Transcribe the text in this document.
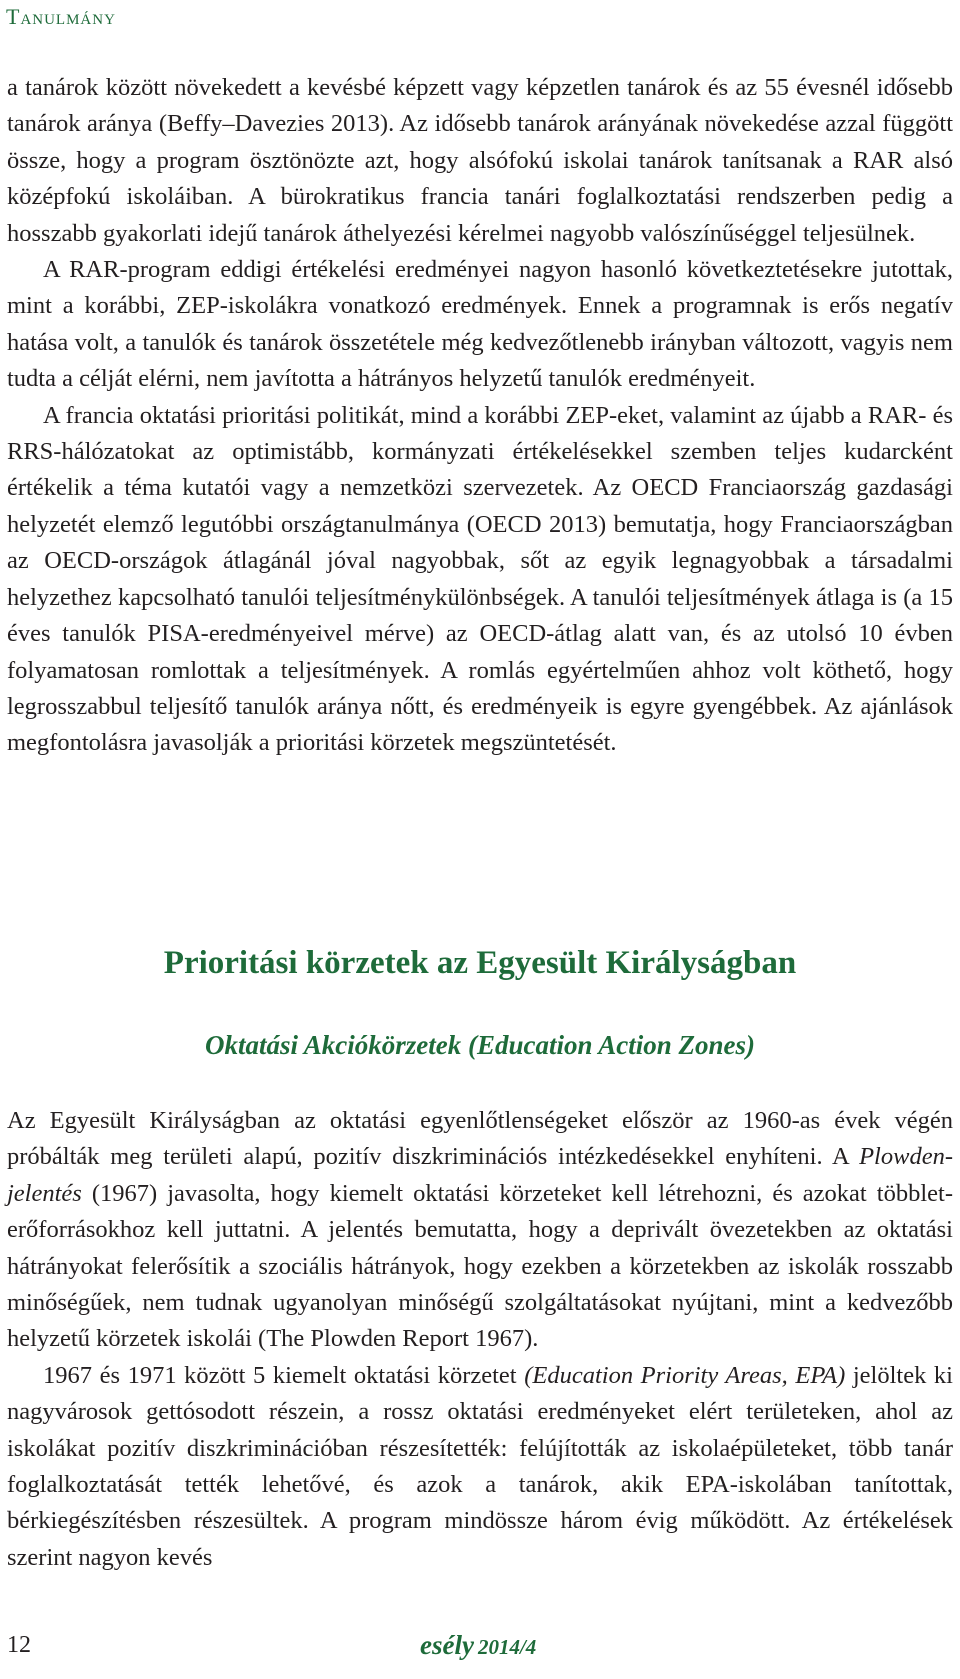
Tanulmány

a tanárok között növekedett a kevésbé képzett vagy képzetlen tanárok és az 55 évesnél idősebb tanárok aránya (Beffy–Davezies 2013). Az idősebb tanárok arányának növekedése azzal függött össze, hogy a program ösztönözte azt, hogy alsófokú iskolai tanárok tanítsanak a RAR alsó középfokú iskoláiban. A bürokratikus francia tanári foglalkoztatási rendszerben pedig a hosszabb gyakorlati idejű tanárok áthelyezési kérelmei nagyobb valószínűséggel teljesülnek.

A RAR-program eddigi értékelési eredményei nagyon hasonló következtetésekre jutottak, mint a korábbi, ZEP-iskolákra vonatkozó eredmények. Ennek a programnak is erős negatív hatása volt, a tanulók és tanárok összetétele még kedvezőtlenebb irányban változott, vagyis nem tudta a célját elérni, nem javította a hátrányos helyzetű tanulók eredményeit.

A francia oktatási prioritási politikát, mind a korábbi ZEP-eket, valamint az újabb a RAR- és RRS-hálózatokat az optimistább, kormányzati értékelésekkel szemben teljes kudarcként értékelik a téma kutatói vagy a nemzetközi szervezetek. Az OECD Franciaország gazdasági helyzetét elemző legutóbbi országtanulmánya (OECD 2013) bemutatja, hogy Franciaországban az OECD-országok átlagánál jóval nagyobbak, sőt az egyik legnagyobbak a társadalmi helyzethez kapcsolható tanulói teljesítménykülönbségek. A tanulói teljesítmények átlaga is (a 15 éves tanulók PISA-eredményeivel mérve) az OECD-átlag alatt van, és az utolsó 10 évben folyamatosan romlottak a teljesítmények. A romlás egyértelműen ahhoz volt köthető, hogy legrosszabbul teljesítő tanulók aránya nőtt, és eredményeik is egyre gyengébbek. Az ajánlások megfontolásra javasolják a prioritási körzetek megszüntetését.

Prioritási körzetek az Egyesült Királyságban
Oktatási Akciókörzetek (Education Action Zones)

Az Egyesült Királyságban az oktatási egyenlőtlenségeket először az 1960-as évek végén próbálták meg területi alapú, pozitív diszkriminációs intézkedésekkel enyhíteni. A Plowden-jelentés (1967) javasolta, hogy kiemelt oktatási körzeteket kell létrehozni, és azokat többlet-erőforrásokhoz kell juttatni. A jelentés bemutatta, hogy a deprivált övezetekben az oktatási hátrányokat felerősítik a szociális hátrányok, hogy ezekben a körzetekben az iskolák rosszabb minőségűek, nem tudnak ugyanolyan minőségű szolgáltatásokat nyújtani, mint a kedvezőbb helyzetű körzetek iskolái (The Plowden Report 1967).

1967 és 1971 között 5 kiemelt oktatási körzetet (Education Priority Areas, EPA) jelöltek ki nagyvárosok gettósodott részein, a rossz oktatási eredményeket elért területeken, ahol az iskolákat pozitív diszkriminációban részesítették: felújították az iskolaépületeket, több tanár foglalkoztatását tették lehetővé, és azok a tanárok, akik EPA-iskolában tanítottak, bérkiegészítésben részesültek. A program mindössze három évig működött. Az értékelések szerint nagyon kevés

12	esély 2014/4
